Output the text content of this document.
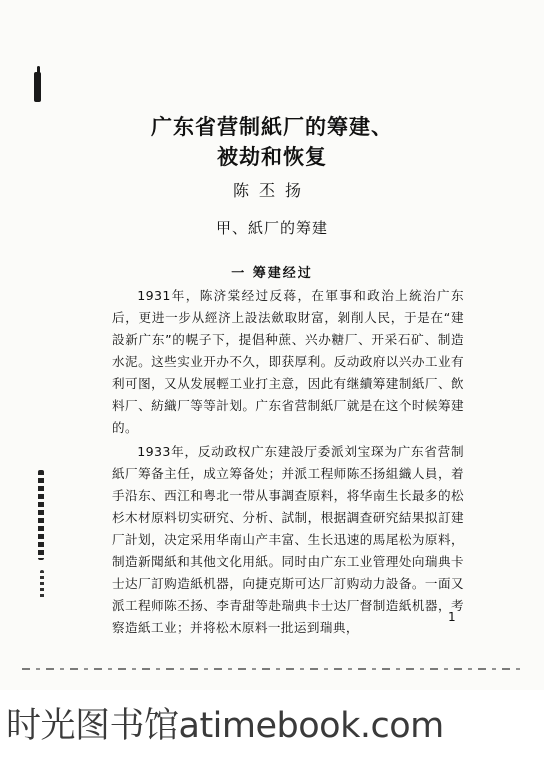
广东省营制紙厂的筹建、
被劫和恢复
陈丕扬
甲、紙厂的筹建
一 筹建经过

1931年，陈济棠经过反蒋，在軍事和政治上統治广东后，更进一步从經济上設法歛取財富，剝削人民，于是在“建設新广东”的幌子下，提倡种蔗、兴办糖厂、开采石矿、制造水泥。这些实业开办不久，即获厚利。反动政府以兴办工业有利可图，又从发展輕工业打主意，因此有继續筹建制紙厂、飲料厂、紡織厂等等計划。广东省营制紙厂就是在这个时候筹建的。

1933年，反动政权广东建設厅委派刘宝琛为广东省营制紙厂筹备主任，成立筹备处；并派工程师陈丕扬組織人員，着手沿东、西江和粤北一带从事調查原料，将华南生长最多的松杉木材原料切实研究、分析、試制，根据調查研究結果拟訂建厂計划，决定采用华南山产丰富、生长迅速的馬尾松为原料，制造新聞紙和其他文化用紙。同时由广东工业管理处向瑞典卡士达厂訂购造紙机器，向捷克斯可达厂訂购动力設备。一面又派工程师陈丕扬、李青甜等赴瑞典卡士达厂督制造紙机器，考察造紙工业；并将松木原料一批运到瑞典，

1
时光图书馆atimebook.com
